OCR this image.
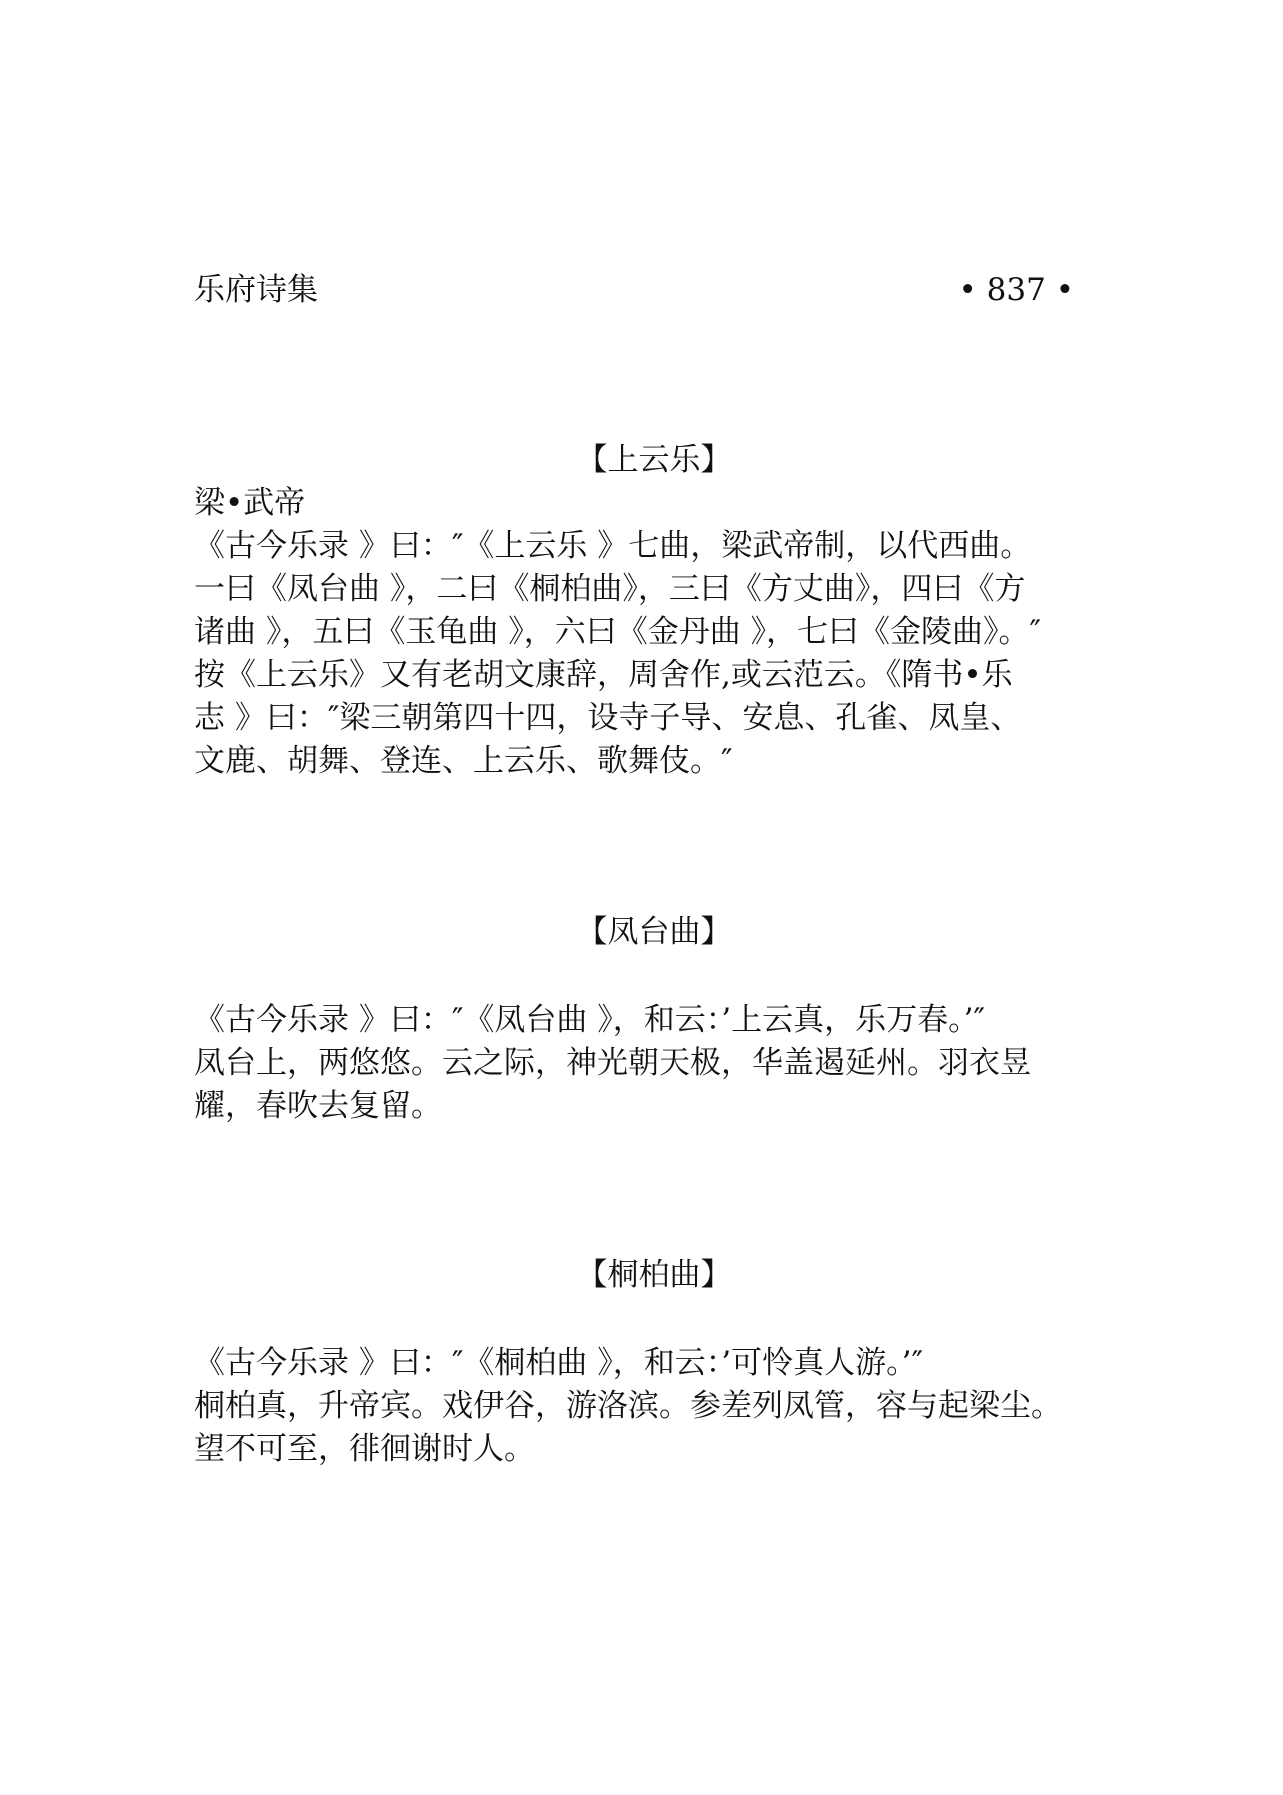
乐府诗集	• 837 •
【上云乐】
梁•武帝

《古今乐录 》曰：″《上云乐 》七曲，梁武帝制，以代西曲。

一曰《凤台曲 》，二曰《桐柏曲》，三曰《方丈曲》，四曰《方

诸曲 》，五曰《玉龟曲 》，六曰《金丹曲 》，七曰《金陵曲》。″

按《上云乐》又有老胡文康辞，周舍作,或云范云。《隋书•乐

志 》曰：″梁三朝第四十四，设寺子导、安息、孔雀、凤皇、

文鹿、胡舞、登连、上云乐、歌舞伎。″

【凤台曲】

《古今乐录 》曰：″《凤台曲 》，和云：’上云真，乐万春。’″

凤台上，两悠悠。云之际，神光朝天极，华盖遏延州。羽衣昱

耀，春吹去复留。

【桐柏曲】

《古今乐录 》曰：″《桐柏曲 》，和云：’可怜真人游。’″

桐柏真，升帝宾。戏伊谷，游洛滨。参差列凤管，容与起梁尘。

望不可至，徘徊谢时人。
